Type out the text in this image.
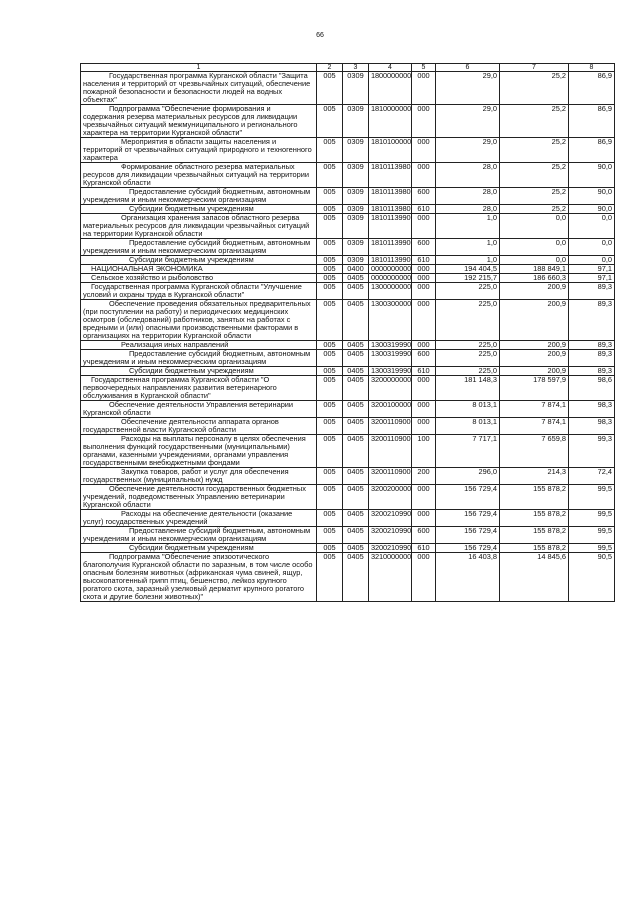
66
1	2	3	4	5	6	7	8
Государственная программа Курганской области "Защита населения и территорий от чрезвычайных ситуаций, обеспечение пожарной безопасности и безопасности людей на водных объектах"	005	0309	1800000000	000	29,0	25,2	86,9
Подпрограмма "Обеспечение формирования и содержания резерва материальных ресурсов для ликвидации чрезвычайных ситуаций межмуниципального и регионального характера на территории Курганской области"	005	0309	1810000000	000	29,0	25,2	86,9
Мероприятия в области защиты населения и территорий от чрезвычайных ситуаций природного и техногенного характера	005	0309	1810100000	000	29,0	25,2	86,9
Формирование областного резерва материальных ресурсов для ликвидации чрезвычайных ситуаций на территории Курганской области	005	0309	1810113980	000	28,0	25,2	90,0
Предоставление субсидий бюджетным, автономным учреждениям и иным некоммерческим организациям	005	0309	1810113980	600	28,0	25,2	90,0
Субсидии бюджетным учреждениям	005	0309	1810113980	610	28,0	25,2	90,0
Организация хранения запасов областного резерва материальных ресурсов для ликвидации чрезвычайных ситуаций на территории Курганской области	005	0309	1810113990	000	1,0	0,0	0,0
Предоставление субсидий бюджетным, автономным учреждениям и иным некоммерческим организациям	005	0309	1810113990	600	1,0	0,0	0,0
Субсидии бюджетным учреждениям	005	0309	1810113990	610	1,0	0,0	0,0
НАЦИОНАЛЬНАЯ ЭКОНОМИКА	005	0400	0000000000	000	194 404,5	188 849,1	97,1
Сельское хозяйство и рыболовство	005	0405	0000000000	000	192 215,7	186 660,3	97,1
Государственная программа Курганской области "Улучшение условий и охраны труда в Курганской области"	005	0405	1300000000	000	225,0	200,9	89,3
Обеспечение проведения обязательных предварительных (при поступлении на работу) и периодических медицинских осмотров (обследований) работников, занятых на работах с вредными и (или) опасными производственными факторами в организациях на территории Курганской области	005	0405	1300300000	000	225,0	200,9	89,3
Реализация иных направлений	005	0405	1300319990	000	225,0	200,9	89,3
Предоставление субсидий бюджетным, автономным учреждениям и иным некоммерческим организациям	005	0405	1300319990	600	225,0	200,9	89,3
Субсидии бюджетным учреждениям	005	0405	1300319990	610	225,0	200,9	89,3
Государственная программа Курганской области "О первоочередных направлениях развития ветеринарного обслуживания в Курганской области"	005	0405	3200000000	000	181 148,3	178 597,9	98,6
Обеспечение деятельности Управления ветеринарии Курганской области	005	0405	3200100000	000	8 013,1	7 874,1	98,3
Обеспечение деятельности аппарата органов государственной власти Курганской области	005	0405	3200110900	000	8 013,1	7 874,1	98,3
Расходы на выплаты персоналу в целях обеспечения выполнения функций государственными (муниципальными) органами, казенными учреждениями, органами управления государственными внебюджетными фондами	005	0405	3200110900	100	7 717,1	7 659,8	99,3
Закупка товаров, работ и услуг для обеспечения государственных (муниципальных) нужд	005	0405	3200110900	200	296,0	214,3	72,4
Обеспечение деятельности государственных бюджетных учреждений, подведомственных Управлению ветеринарии Курганской области	005	0405	3200200000	000	156 729,4	155 878,2	99,5
Расходы на обеспечение деятельности (оказание услуг) государственных учреждений	005	0405	3200210990	000	156 729,4	155 878,2	99,5
Предоставление субсидий бюджетным, автономным учреждениям и иным некоммерческим организациям	005	0405	3200210990	600	156 729,4	155 878,2	99,5
Субсидии бюджетным учреждениям	005	0405	3200210990	610	156 729,4	155 878,2	99,5
Подпрограмма "Обеспечение эпизоотического благополучия Курганской области по заразным, в том числе особо опасным болезням животных (африканская чума свиней, ящур, высокопатогенный грипп птиц, бешенство, лейкоз крупного рогатого скота, заразный узелковый дерматит крупного рогатого скота и другие болезни животных)"	005	0405	3210000000	000	16 403,8	14 845,6	90,5
